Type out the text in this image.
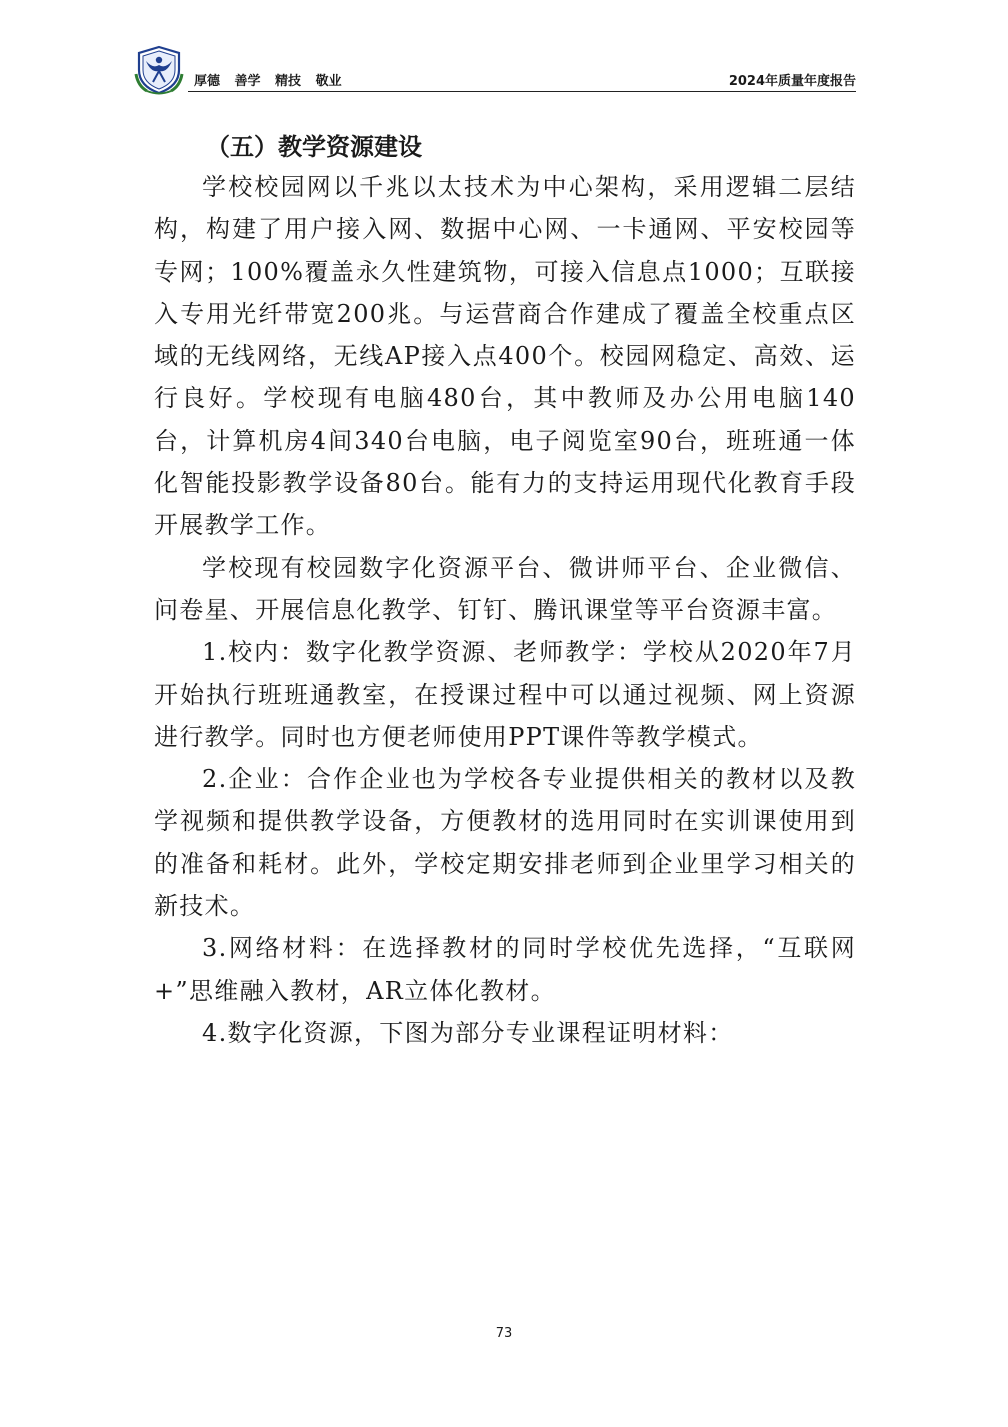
厚德 善学 精技 敬业	2024年质量年度报告
（五）教学资源建设

学校校园网以千兆以太技术为中心架构，采用逻辑二层结构，构建了用户接入网、数据中心网、一卡通网、平安校园等专网；100%覆盖永久性建筑物，可接入信息点1000；互联接入专用光纤带宽200兆。与运营商合作建成了覆盖全校重点区域的无线网络，无线AP接入点400个。校园网稳定、高效、运行良好。学校现有电脑480台，其中教师及办公用电脑140台，计算机房4间340台电脑，电子阅览室90台，班班通一体化智能投影教学设备80台。能有力的支持运用现代化教育手段开展教学工作。

学校现有校园数字化资源平台、微讲师平台、企业微信、问卷星、开展信息化教学、钉钉、腾讯课堂等平台资源丰富。

1.校内：数字化教学资源、老师教学：学校从2020年7月开始执行班班通教室，在授课过程中可以通过视频、网上资源进行教学。同时也方便老师使用PPT课件等教学模式。

2.企业：合作企业也为学校各专业提供相关的教材以及教学视频和提供教学设备，方便教材的选用同时在实训课使用到的准备和耗材。此外，学校定期安排老师到企业里学习相关的新技术。

3.网络材料：在选择教材的同时学校优先选择，“互联网+”思维融入教材，AR立体化教材。

4.数字化资源，下图为部分专业课程证明材料：

73
